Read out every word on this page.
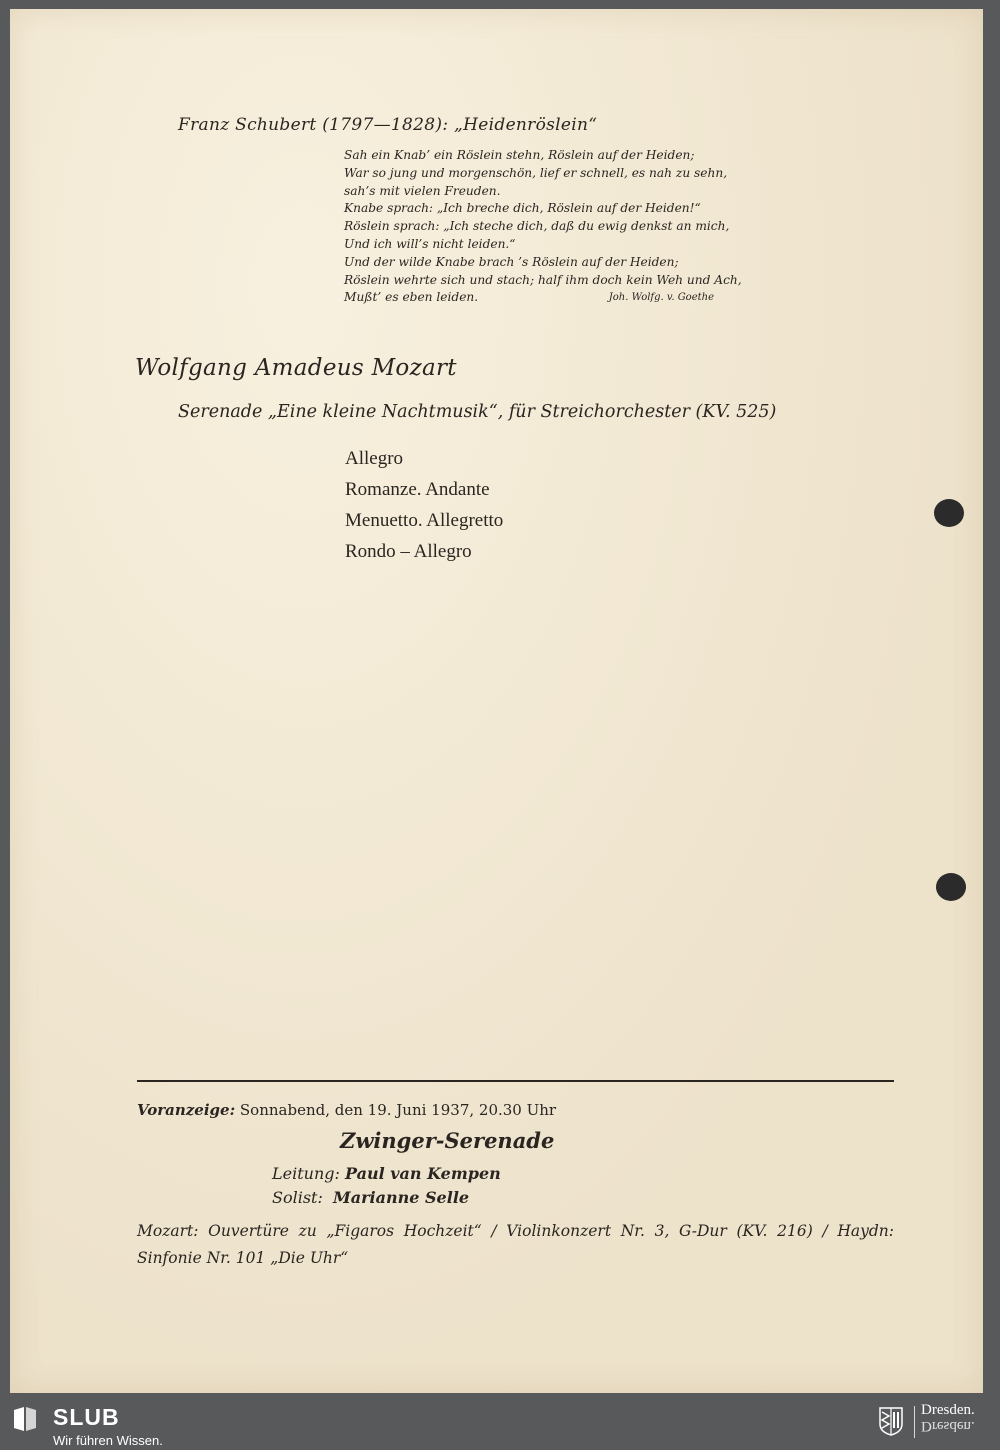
Franz Schubert (1797—1828): „Heidenröslein“
Sah ein Knab’ ein Röslein stehn, Röslein auf der Heiden;
War so jung und morgenschön, lief er schnell, es nah zu sehn,
sah’s mit vielen Freuden.
Knabe sprach: „Ich breche dich, Röslein auf der Heiden!“
Röslein sprach: „Ich steche dich, daß du ewig denkst an mich,
Und ich will’s nicht leiden.“
Und der wilde Knabe brach ’s Röslein auf der Heiden;
Röslein wehrte sich und stach; half ihm doch kein Weh und Ach,
Mußt’ es eben leiden.	Joh. Wolfg. v. Goethe
Wolfgang Amadeus Mozart
Serenade „Eine kleine Nachtmusik“, für Streichorchester (KV. 525)
Allegro
Romanze. Andante
Menuetto. Allegretto
Rondo – Allegro
Voranzeige: Sonnabend, den 19. Juni 1937, 20.30 Uhr
Zwinger-Serenade
Leitung: Paul van Kempen
Solist: Marianne Selle
Mozart: Ouvertüre zu „Figaros Hochzeit“ / Violinkonzert Nr. 3, G-Dur (KV. 216) / Haydn: Sinfonie Nr. 101 „Die Uhr“
SLUB
Wir führen Wissen.
Dresden.
Dresden.
